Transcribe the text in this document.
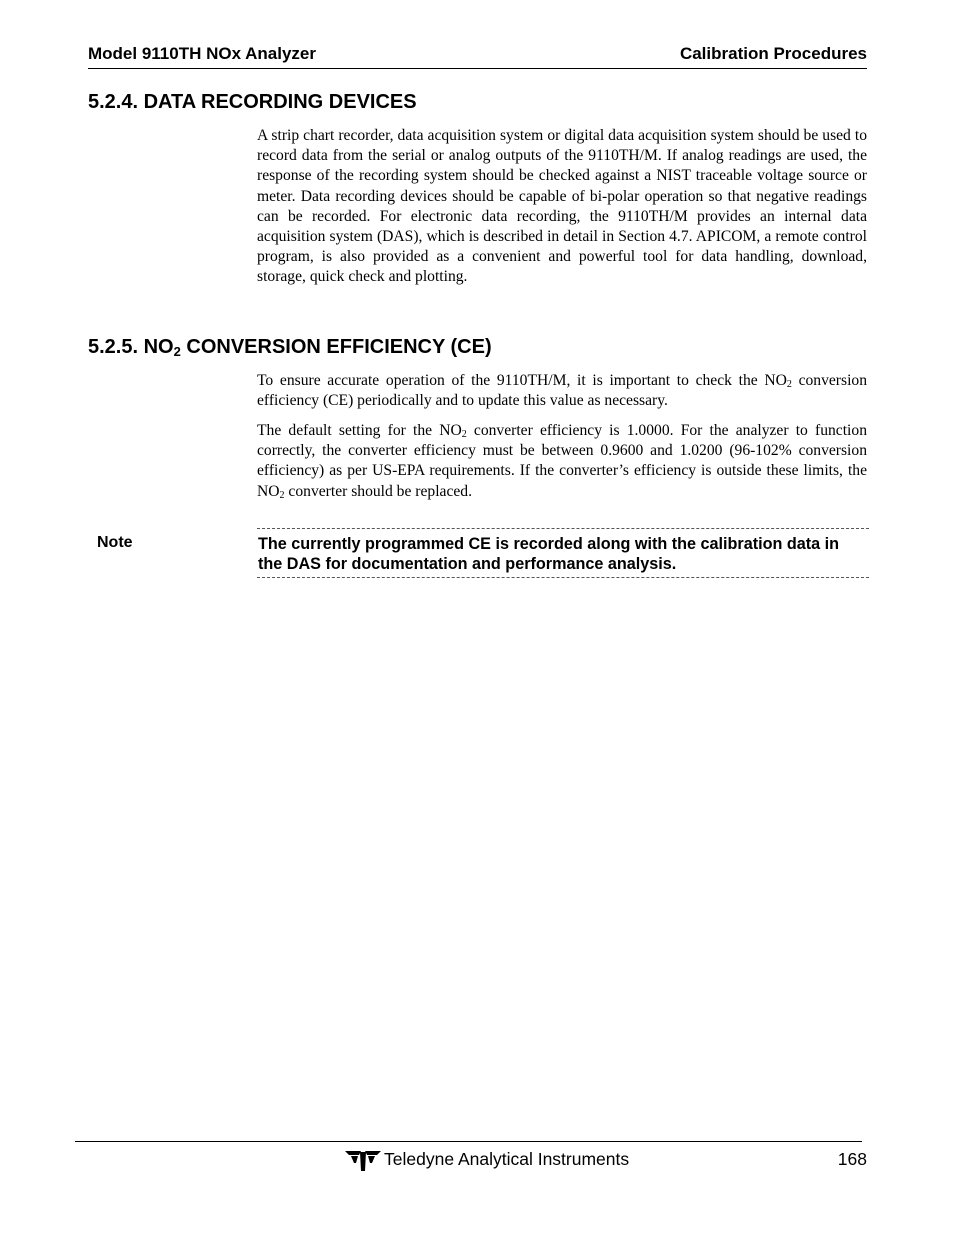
Model 9110TH NOx Analyzer	Calibration Procedures
5.2.4. DATA RECORDING DEVICES
A strip chart recorder, data acquisition system or digital data acquisition system should be used to record data from the serial or analog outputs of the 9110TH/M. If analog readings are used, the response of the recording system should be checked against a NIST traceable voltage source or meter. Data recording devices should be capable of bi-polar operation so that negative readings can be recorded. For electronic data recording, the 9110TH/M provides an internal data acquisition system (DAS), which is described in detail in Section 4.7. APICOM, a remote control program, is also provided as a convenient and powerful tool for data handling, download, storage, quick check and plotting.
5.2.5. $NO_2$ CONVERSION EFFICIENCY (CE)
To ensure accurate operation of the 9110TH/M, it is important to check the $NO_2$ conversion efficiency (CE) periodically and to update this value as necessary.
The default setting for the $NO_2$ converter efficiency is 1.0000. For the analyzer to function correctly, the converter efficiency must be between 0.9600 and 1.0200 (96-102% conversion efficiency) as per US-EPA requirements. If the converter’s efficiency is outside these limits, the $NO_2$ converter should be replaced.
Note	The currently programmed CE is recorded along with the calibration data in the DAS for documentation and performance analysis.
Teledyne Analytical Instruments	168
